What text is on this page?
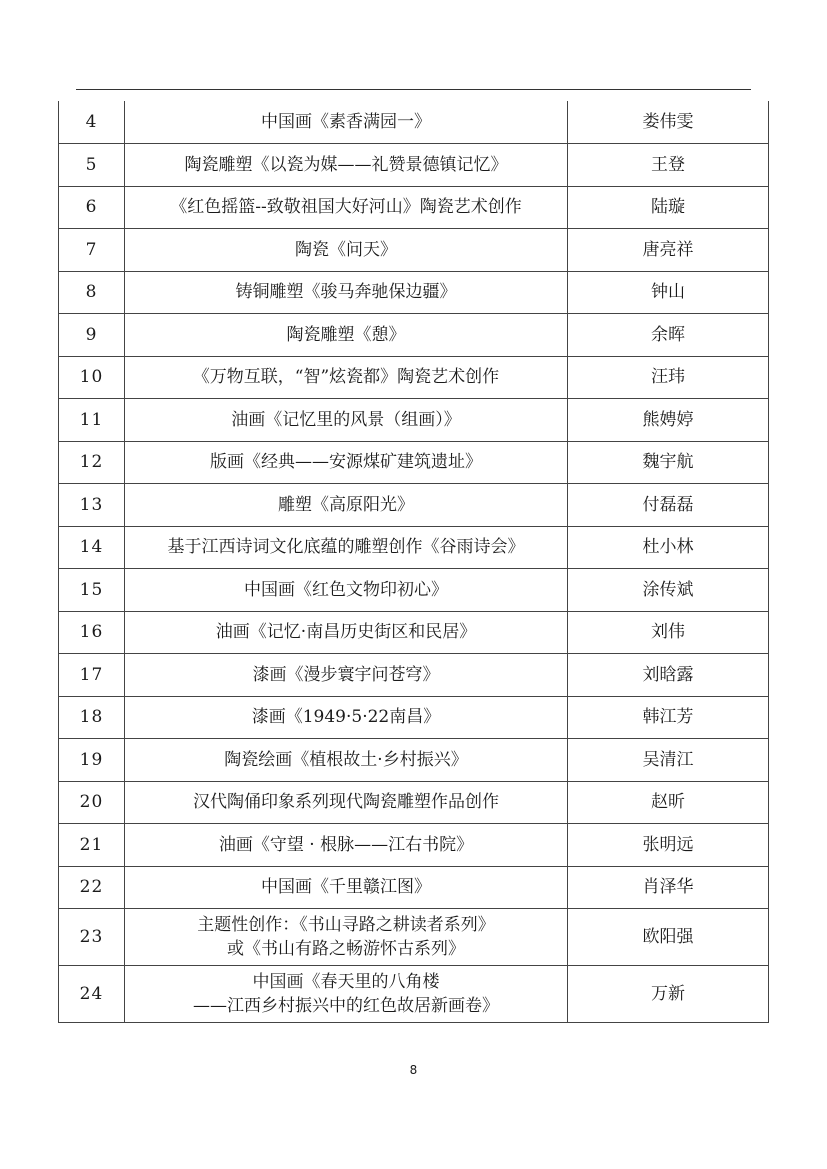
4	中国画《素香满园一》	娄伟雯
5	陶瓷雕塑《以瓷为媒——礼赞景德镇记忆》	王登
6	《红色摇篮--致敬祖国大好河山》陶瓷艺术创作	陆璇
7	陶瓷《问天》	唐亮祥
8	铸铜雕塑《骏马奔驰保边疆》	钟山
9	陶瓷雕塑《憩》	余晖
10	《万物互联，“智”炫瓷都》陶瓷艺术创作	汪玮
11	油画《记忆里的风景（组画）》	熊娉婷
12	版画《经典——安源煤矿建筑遗址》	魏宇航
13	雕塑《高原阳光》	付磊磊
14	基于江西诗词文化底蕴的雕塑创作《谷雨诗会》	杜小林
15	中国画《红色文物印初心》	涂传斌
16	油画《记忆·南昌历史街区和民居》	刘伟
17	漆画《漫步寰宇问苍穹》	刘晗露
18	漆画《1949·5·22南昌》	韩江芳
19	陶瓷绘画《植根故土·乡村振兴》	吴清江
20	汉代陶俑印象系列现代陶瓷雕塑作品创作	赵昕
21	油画《守望 · 根脉——江右书院》	张明远
22	中国画《千里赣江图》	肖泽华
23	主题性创作：《书山寻路之耕读者系列》
或《书山有路之畅游怀古系列》	欧阳强
24	中国画《春天里的八角楼
——江西乡村振兴中的红色故居新画卷》	万新
8
